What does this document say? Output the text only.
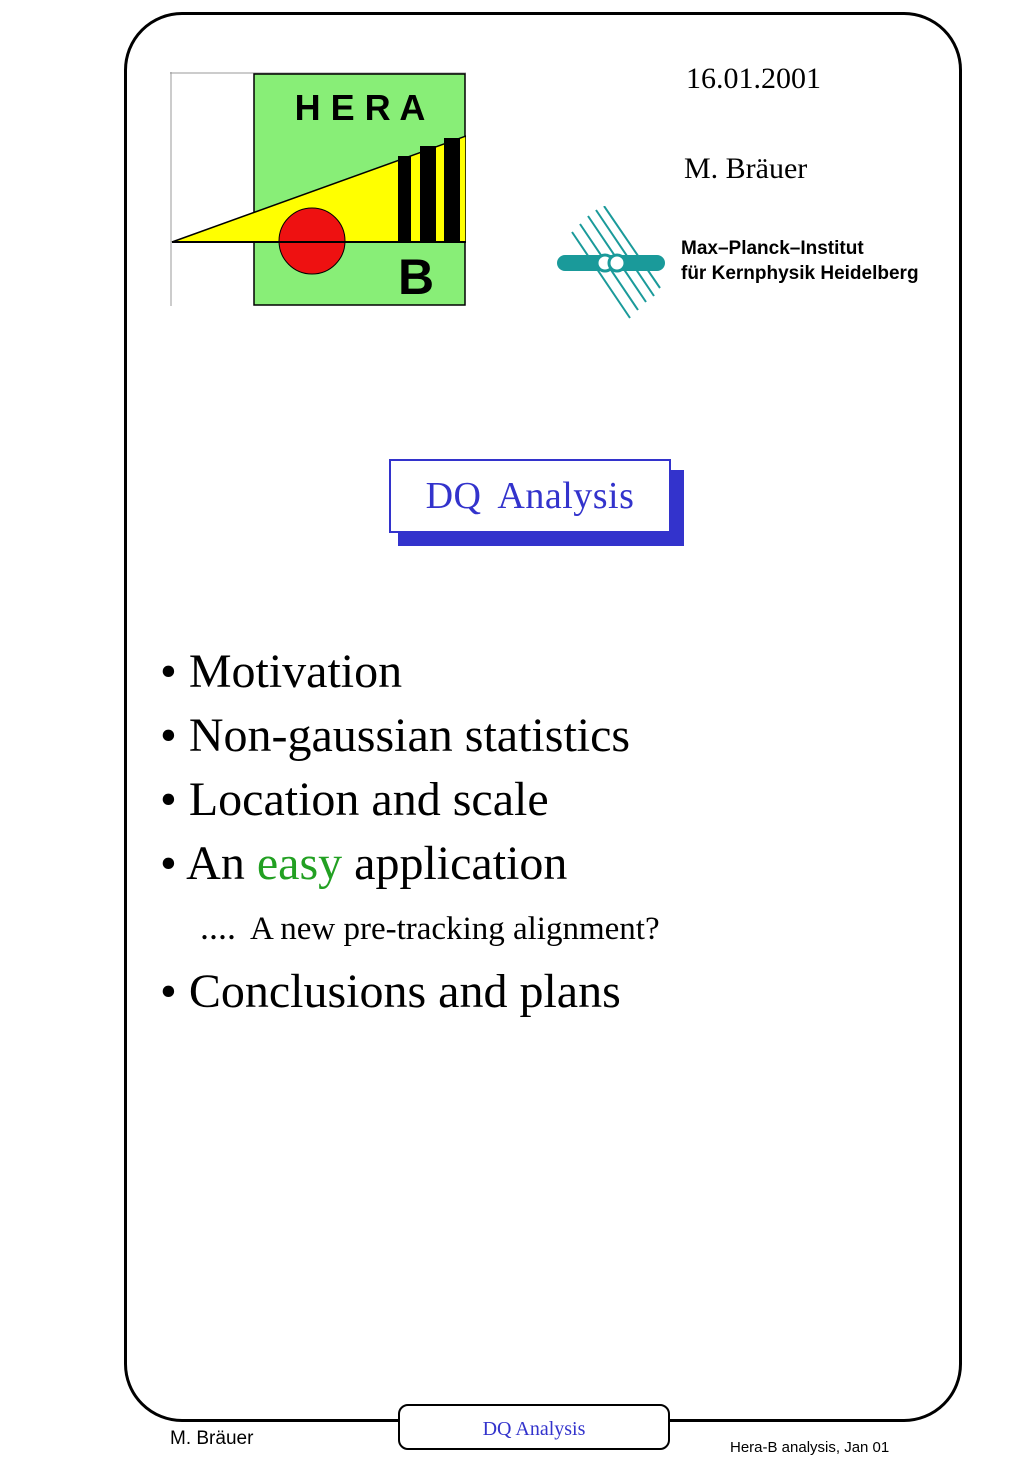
H E R A
B
16.01.2001
M. Bräuer
Max–Planck–Institut
für Kernphysik Heidelberg
DQ Analysis
• Motivation
• Non-gaussian statistics
• Location and scale
• An easy application
.... A new pre-tracking alignment?
• Conclusions and plans
M. Bräuer	DQ Analysis
Hera-B analysis, Jan 01
